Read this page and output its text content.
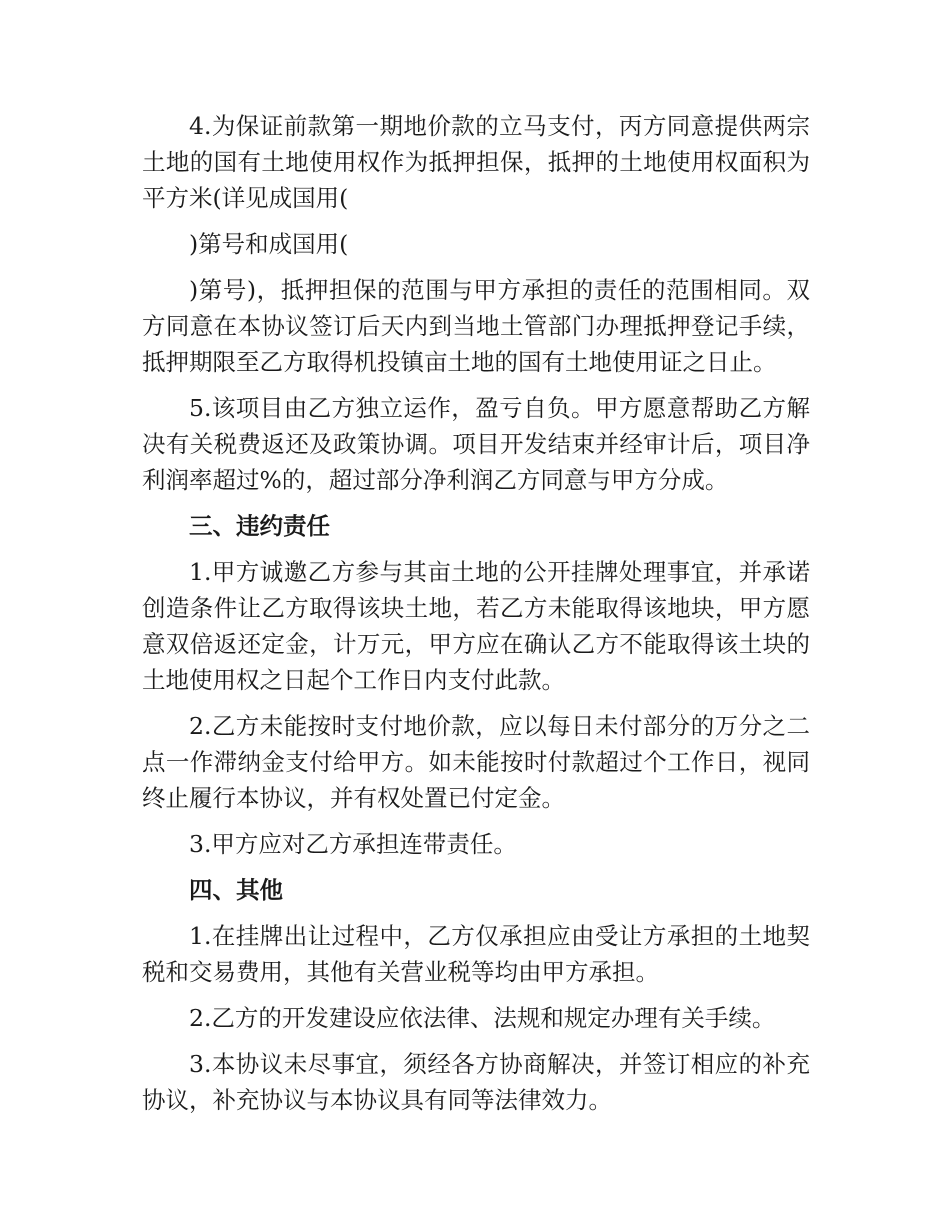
4.为保证前款第一期地价款的立马支付，丙方同意提供两宗土地的国有土地使用权作为抵押担保，抵押的土地使用权面积为平方米(详见成国用(

)第号和成国用(

)第号)，抵押担保的范围与甲方承担的责任的范围相同。双方同意在本协议签订后天内到当地土管部门办理抵押登记手续，抵押期限至乙方取得机投镇亩土地的国有土地使用证之日止。

5.该项目由乙方独立运作，盈亏自负。甲方愿意帮助乙方解决有关税费返还及政策协调。项目开发结束并经审计后，项目净利润率超过%的，超过部分净利润乙方同意与甲方分成。

三、违约责任

1.甲方诚邀乙方参与其亩土地的公开挂牌处理事宜，并承诺创造条件让乙方取得该块土地，若乙方未能取得该地块，甲方愿意双倍返还定金，计万元，甲方应在确认乙方不能取得该土块的土地使用权之日起个工作日内支付此款。

2.乙方未能按时支付地价款，应以每日未付部分的万分之二点一作滞纳金支付给甲方。如未能按时付款超过个工作日，视同终止履行本协议，并有权处置已付定金。

3.甲方应对乙方承担连带责任。

四、其他

1.在挂牌出让过程中，乙方仅承担应由受让方承担的土地契税和交易费用，其他有关营业税等均由甲方承担。

2.乙方的开发建设应依法律、法规和规定办理有关手续。

3.本协议未尽事宜，须经各方协商解决，并签订相应的补充协议，补充协议与本协议具有同等法律效力。
